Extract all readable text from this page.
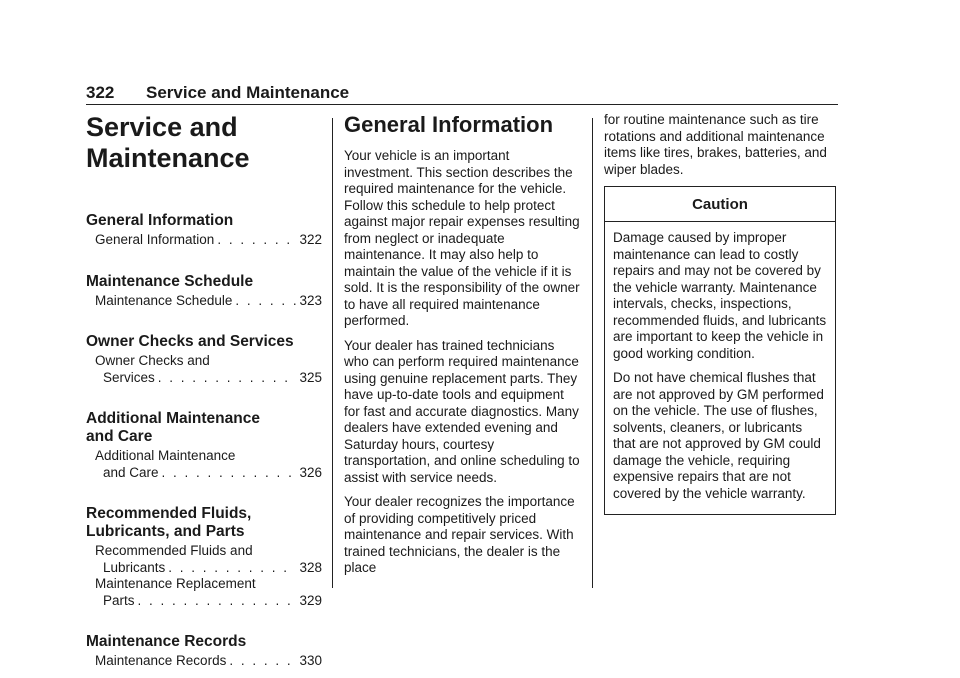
322 Service and Maintenance
Service and
Maintenance
General Information
General Information . . .	322
Maintenance Schedule
Maintenance Schedule . . .	323
Owner Checks and Services
Owner Checks and
Services . . .	325
Additional Maintenance
and Care
Additional Maintenance
and Care . . .	326
Recommended Fluids,
Lubricants, and Parts
Recommended Fluids and
Lubricants . . .	328
Maintenance Replacement
Parts . . .	329
Maintenance Records
Maintenance Records . . .	330
General Information

Your vehicle is an important investment. This section describes the required maintenance for the vehicle. Follow this schedule to help protect against major repair expenses resulting from neglect or inadequate maintenance. It may also help to maintain the value of the vehicle if it is sold. It is the responsibility of the owner to have all required maintenance performed.

Your dealer has trained technicians who can perform required maintenance using genuine replacement parts. They have up-to-date tools and equipment for fast and accurate diagnostics. Many dealers have extended evening and Saturday hours, courtesy transportation, and online scheduling to assist with service needs.

Your dealer recognizes the importance of providing competitively priced maintenance and repair services. With trained technicians, the dealer is the place

for routine maintenance such as tire rotations and additional maintenance items like tires, brakes, batteries, and wiper blades.

Caution

Damage caused by improper maintenance can lead to costly repairs and may not be covered by the vehicle warranty. Maintenance intervals, checks, inspections, recommended fluids, and lubricants are important to keep the vehicle in good working condition.

Do not have chemical flushes that are not approved by GM performed on the vehicle. The use of flushes, solvents, cleaners, or lubricants that are not approved by GM could damage the vehicle, requiring expensive repairs that are not covered by the vehicle warranty.
